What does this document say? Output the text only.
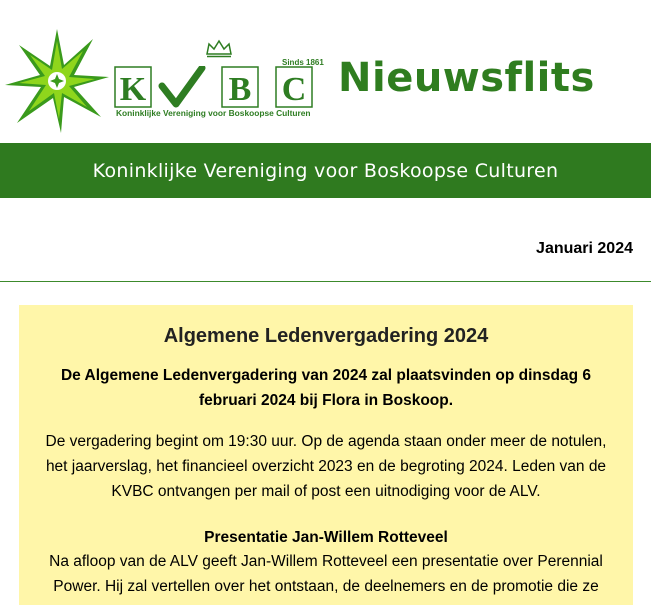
Sinds 1861
K B C
Koninklijke Vereniging voor Boskoopse Culturen
Nieuwsflits
Koninklijke Vereniging voor Boskoopse Culturen
Januari 2024
Algemene Ledenvergadering 2024
De Algemene Ledenvergadering van 2024 zal plaatsvinden op dinsdag 6 februari 2024 bij Flora in Boskoop.
De vergadering begint om 19:30 uur. Op de agenda staan onder meer de notulen, het jaarverslag, het financieel overzicht 2023 en de begroting 2024. Leden van de KVBC ontvangen per mail of post een uitnodiging voor de ALV.
Presentatie Jan-Willem Rotteveel
Na afloop van de ALV geeft Jan-Willem Rotteveel een presentatie over Perennial Power. Hij zal vertellen over het ontstaan, de deelnemers en de promotie die ze
